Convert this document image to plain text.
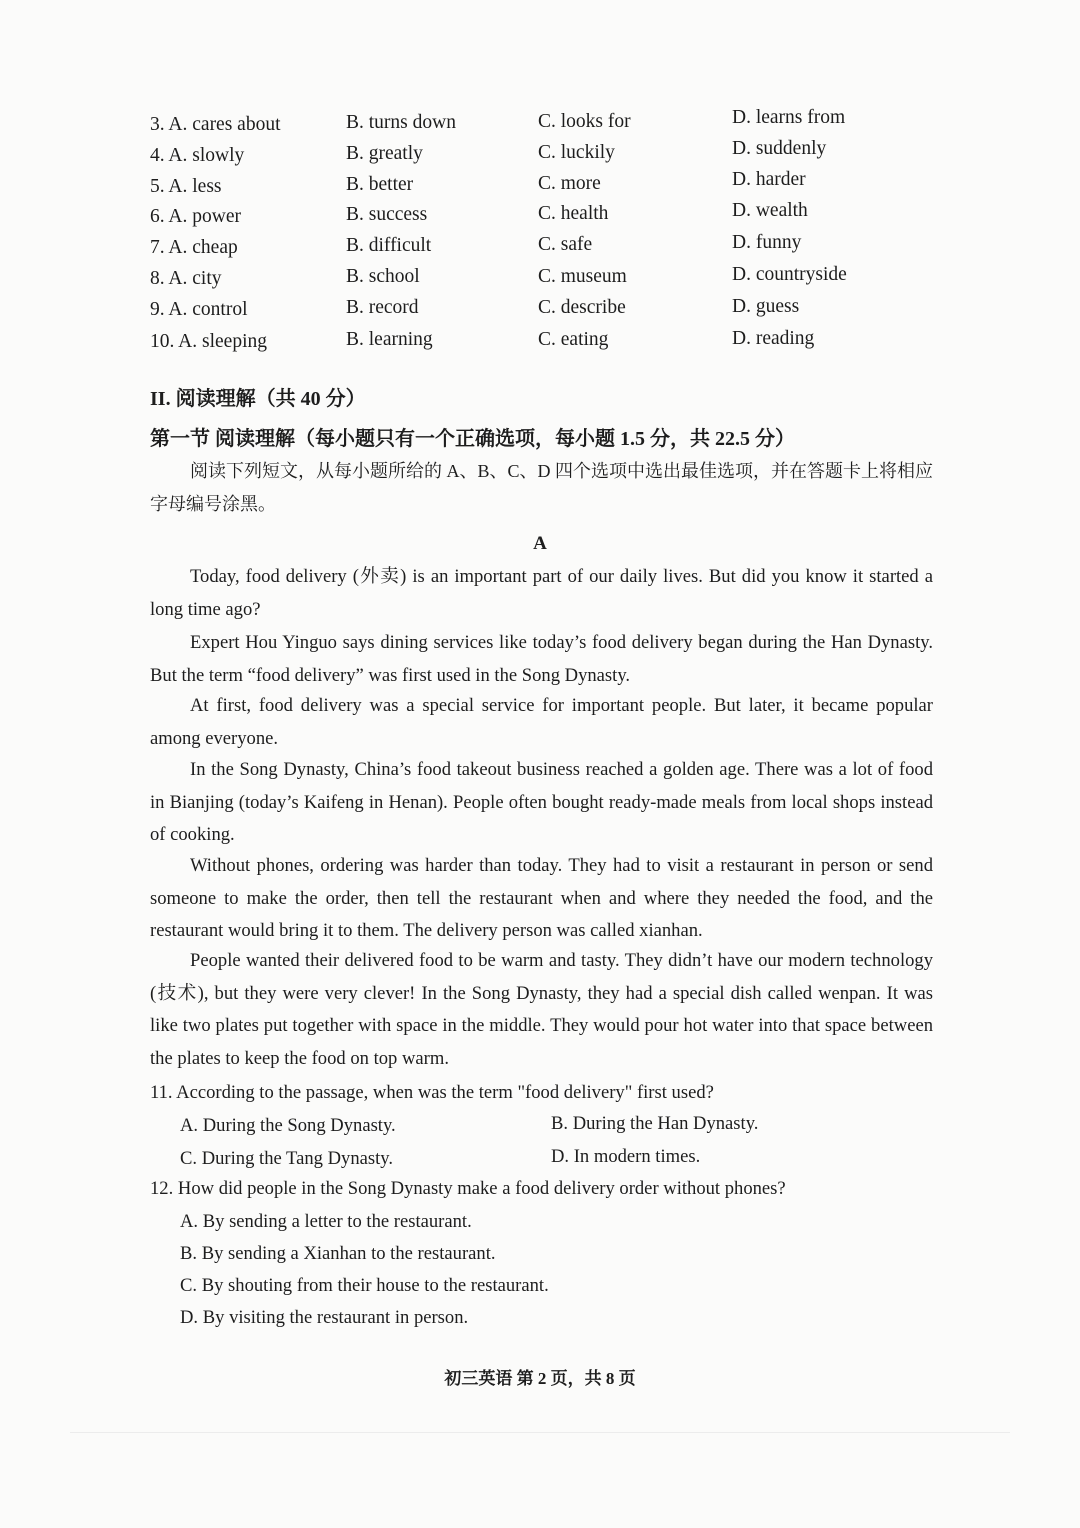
3. A. cares about	B. turns down	C. looks for	D. learns from
4. A. slowly	B. greatly	C. luckily	D. suddenly
5. A. less	B. better	C. more	D. harder
6. A. power	B. success	C. health	D. wealth
7. A. cheap	B. difficult	C. safe	D. funny
8. A. city	B. school	C. museum	D. countryside
9. A. control	B. record	C. describe	D. guess
10. A. sleeping	B. learning	C. eating	D. reading
II. 阅读理解（共 40 分）
第一节 阅读理解（每小题只有一个正确选项，每小题 1.5 分，共 22.5 分）
阅读下列短文，从每小题所给的 A、B、C、D 四个选项中选出最佳选项，并在答题卡上将相应字母编号涂黑。
A

Today, food delivery (外卖) is an important part of our daily lives. But did you know it started a long time ago?

Expert Hou Yinguo says dining services like today’s food delivery began during the Han Dynasty. But the term “food delivery” was first used in the Song Dynasty.

At first, food delivery was a special service for important people. But later, it became popular among everyone.

In the Song Dynasty, China’s food takeout business reached a golden age. There was a lot of food in Bianjing (today’s Kaifeng in Henan). People often bought ready-made meals from local shops instead of cooking.

Without phones, ordering was harder than today. They had to visit a restaurant in person or send someone to make the order, then tell the restaurant when and where they needed the food, and the restaurant would bring it to them. The delivery person was called xianhan.

People wanted their delivered food to be warm and tasty. They didn’t have our modern technology (技术), but they were very clever! In the Song Dynasty, they had a special dish called wenpan. It was like two plates put together with space in the middle. They would pour hot water into that space between the plates to keep the food on top warm.

11. According to the passage, when was the term "food delivery" first used?
A. During the Song Dynasty.	B. During the Han Dynasty.
C. During the Tang Dynasty.	D. In modern times.
12. How did people in the Song Dynasty make a food delivery order without phones?
A. By sending a letter to the restaurant.
B. By sending a Xianhan to the restaurant.
C. By shouting from their house to the restaurant.
D. By visiting the restaurant in person.
初三英语 第 2 页，共 8 页
